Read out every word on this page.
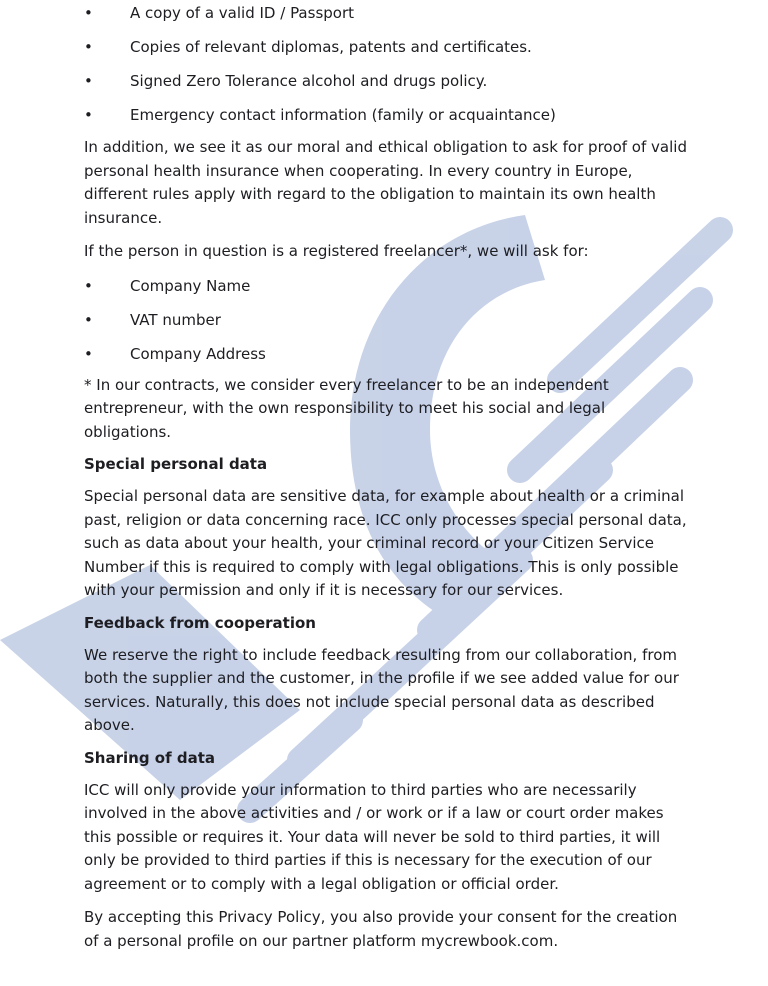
• A copy of a valid ID / Passport
• Copies of relevant diplomas, patents and certificates.
• Signed Zero Tolerance alcohol and drugs policy.
• Emergency contact information (family or acquaintance)

In addition, we see it as our moral and ethical obligation to ask for proof of valid personal health insurance when cooperating. In every country in Europe, different rules apply with regard to the obligation to maintain its own health insurance.

If the person in question is a registered freelancer*, we will ask for:

• Company Name
• VAT number
• Company Address

* In our contracts, we consider every freelancer to be an independent entrepreneur, with the own responsibility to meet his social and legal obligations.

Special personal data

Special personal data are sensitive data, for example about health or a criminal past, religion or data concerning race. ICC only processes special personal data, such as data about your health, your criminal record or your Citizen Service Number if this is required to comply with legal obligations. This is only possible with your permission and only if it is necessary for our services.

Feedback from cooperation

We reserve the right to include feedback resulting from our collaboration, from both the supplier and the customer, in the profile if we see added value for our services. Naturally, this does not include special personal data as described above.

Sharing of data

ICC will only provide your information to third parties who are necessarily involved in the above activities and / or work or if a law or court order makes this possible or requires it. Your data will never be sold to third parties, it will only be provided to third parties if this is necessary for the execution of our agreement or to comply with a legal obligation or official order.

By accepting this Privacy Policy, you also provide your consent for the creation of a personal profile on our partner platform mycrewbook.com.
